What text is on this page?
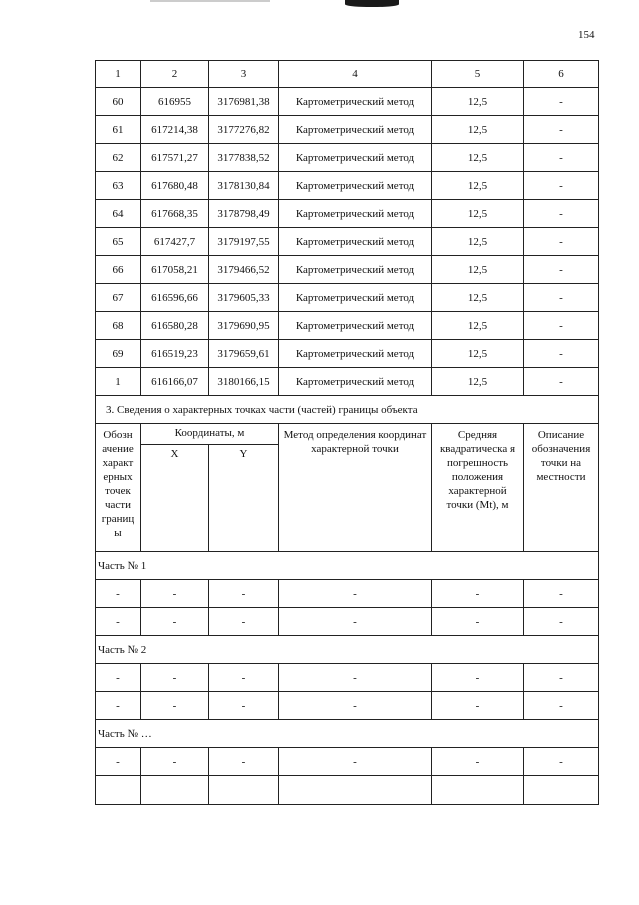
154
1	2	3	4	5	6
60	616955	3176981,38	Картометрический метод	12,5	-
61	617214,38	3177276,82	Картометрический метод	12,5	-
62	617571,27	3177838,52	Картометрический метод	12,5	-
63	617680,48	3178130,84	Картометрический метод	12,5	-
64	617668,35	3178798,49	Картометрический метод	12,5	-
65	617427,7	3179197,55	Картометрический метод	12,5	-
66	617058,21	3179466,52	Картометрический метод	12,5	-
67	616596,66	3179605,33	Картометрический метод	12,5	-
68	616580,28	3179690,95	Картометрический метод	12,5	-
69	616519,23	3179659,61	Картометрический метод	12,5	-
1	616166,07	3180166,15	Картометрический метод	12,5	-
3. Сведения о характерных точках части (частей) границы объекта					
Обозн ачение характ ерных точек части границ ы	Координаты, м		Метод определения координат характерной точки	Средняя квадратическа я погрешность положения характерной точки (Mt), м	Описание обозначения точки на местности
	X	Y			
Часть № 1					
-	-	-	-	-	-
-	-	-	-	-	-
Часть № 2					
-	-	-	-	-	-
-	-	-	-	-	-
Часть № …					
-	-	-	-	-	-
